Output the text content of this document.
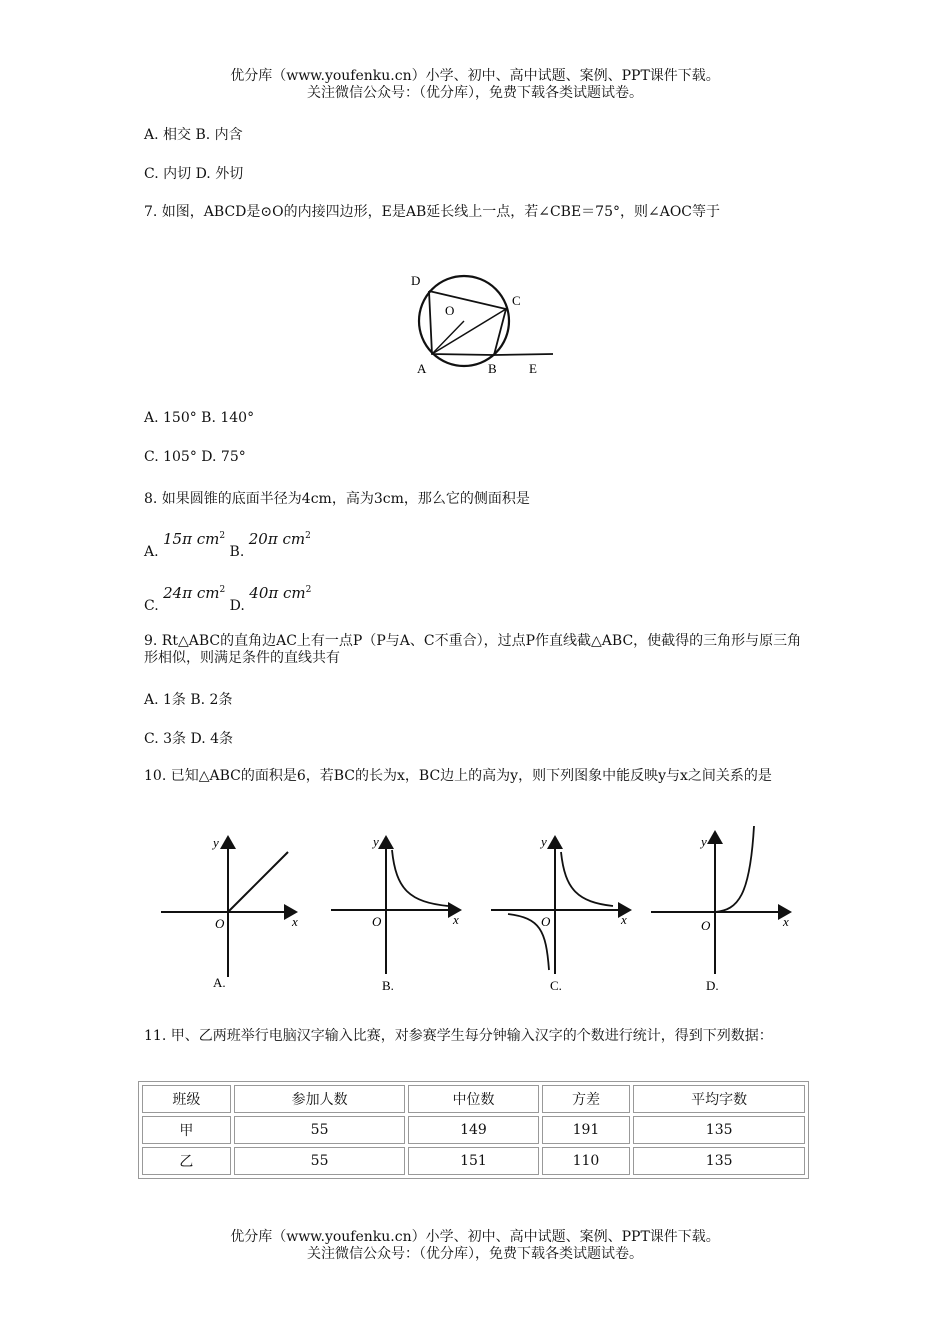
优分库（www.youfenku.cn）小学、初中、高中试题、案例、PPT课件下载。
关注微信公众号：（优分库），免费下载各类试题试卷。
A. 相交 B. 内含
C. 内切 D. 外切
7. 如图，ABCD是⊙O的内接四边形，E是AB延长线上一点，若∠CBE＝75°，则∠AOC等于
D
O
C
A	B E
A. 150° B. 140°
C. 105° D. 75°
8. 如果圆锥的底面半径为4cm，高为3cm，那么它的侧面积是
A. 15π $cm^2$ B. 20π $cm^2$
C. 24π $cm^2$ D. 40π $cm^2$
9. Rt△ABC的直角边AC上有一点P（P与A、C不重合），过点P作直线截△ABC，使截得的三角形与原三角形相似，则满足条件的直线共有
A. 1条 B. 2条
C. 3条 D. 4条
10. 已知△ABC的面积是6，若BC的长为x，BC边上的高为y，则下列图象中能反映y与x之间关系的是
y
x
O
A.
y
x
O
B.
y
x
O
C.
y
x
O
D.
11. 甲、乙两班举行电脑汉字输入比赛，对参赛学生每分钟输入汉字的个数进行统计，得到下列数据：
班级	参加人数	中位数	方差	平均字数
甲	55	149	191	135
乙	55	151	110	135
优分库（www.youfenku.cn）小学、初中、高中试题、案例、PPT课件下载。
关注微信公众号：（优分库），免费下载各类试题试卷。
